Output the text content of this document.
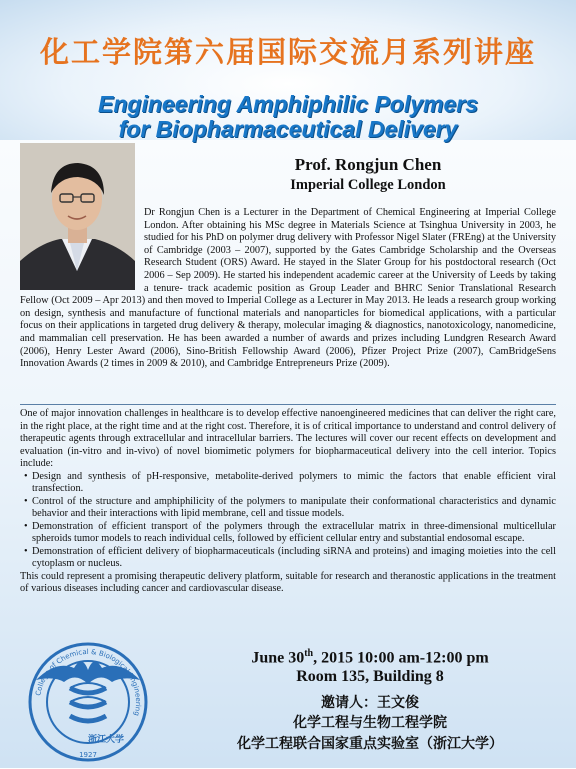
化工学院第六届国际交流月系列讲座
Engineering Amphiphilic Polymers
for Biopharmaceutical Delivery
Prof. Rongjun Chen
Imperial College London
Dr Rongjun Chen is a Lecturer in the Department of Chemical Engineering at Imperial College London. After obtaining his MSc degree in Materials Science at Tsinghua University in 2003, he studied for his PhD on polymer drug delivery with Professor Nigel Slater (FREng) at the University of Cambridge (2003 – 2007), supported by the Gates Cambridge Scholarship and the Overseas Research Student (ORS) Award. He stayed in the Slater Group for his postdoctoral research (Oct 2006 – Sep 2009). He started his independent academic career at the University of Leeds by taking a tenure- track academic position as Group Leader and BHRC Senior Translational Research Fellow (Oct 2009 – Apr 2013) and then moved to Imperial College as a Lecturer in May 2013. He leads a research group working on design, synthesis and manufacture of functional materials and nanoparticles for biomedical applications, with a particular focus on their applications in targeted drug delivery & therapy, molecular imaging & diagnostics, nanotoxicology, nanomedicine, and mammalian cell preservation. He has been awarded a number of awards and prizes including Lundgren Research Award (2006), Henry Lester Award (2006), Sino-British Fellowship Award (2006), Pfizer Project Prize (2007), CamBridgeSens Innovation Awards (2 times in 2009 & 2010), and Cambridge Entrepreneurs Prize (2009).

One of major innovation challenges in healthcare is to develop effective nanoengineered medicines that can deliver the right care, in the right place, at the right time and at the right cost. Therefore, it is of critical importance to understand and control delivery of therapeutic agents through extracellular and intracellular barriers. The lectures will cover our recent effects on development and evaluation (in-vitro and in-vivo) of novel biomimetic polymers for biopharmaceutical delivery into the cell interior. Topics include:

• Design and synthesis of pH-responsive, metabolite-derived polymers to mimic the factors that enable efficient viral transfection.
• Control of the structure and amphiphilicity of the polymers to manipulate their conformational characteristics and dynamic behavior and their interactions with lipid membrane, cell and tissue models.
• Demonstration of efficient transport of the polymers through the extracellular matrix in three-dimensional multicellular spheroids tumor models to reach individual cells, followed by efficient cellular entry and substantial endosomal escape.
• Demonstration of efficient delivery of biopharmaceuticals (including siRNA and proteins) and imaging moieties into the cell cytoplasm or nucleus.

This could represent a promising therapeutic delivery platform, suitable for research and theranostic applications in the treatment of various diseases including cancer and cardiovascular disease.

College of Chemical & Biological Engineering
浙江大学
1927
June 30th, 2015 10:00 am-12:00 pm
Room 135, Building 8
邀请人：王文俊
化学工程与生物工程学院
化学工程联合国家重点实验室（浙江大学）
